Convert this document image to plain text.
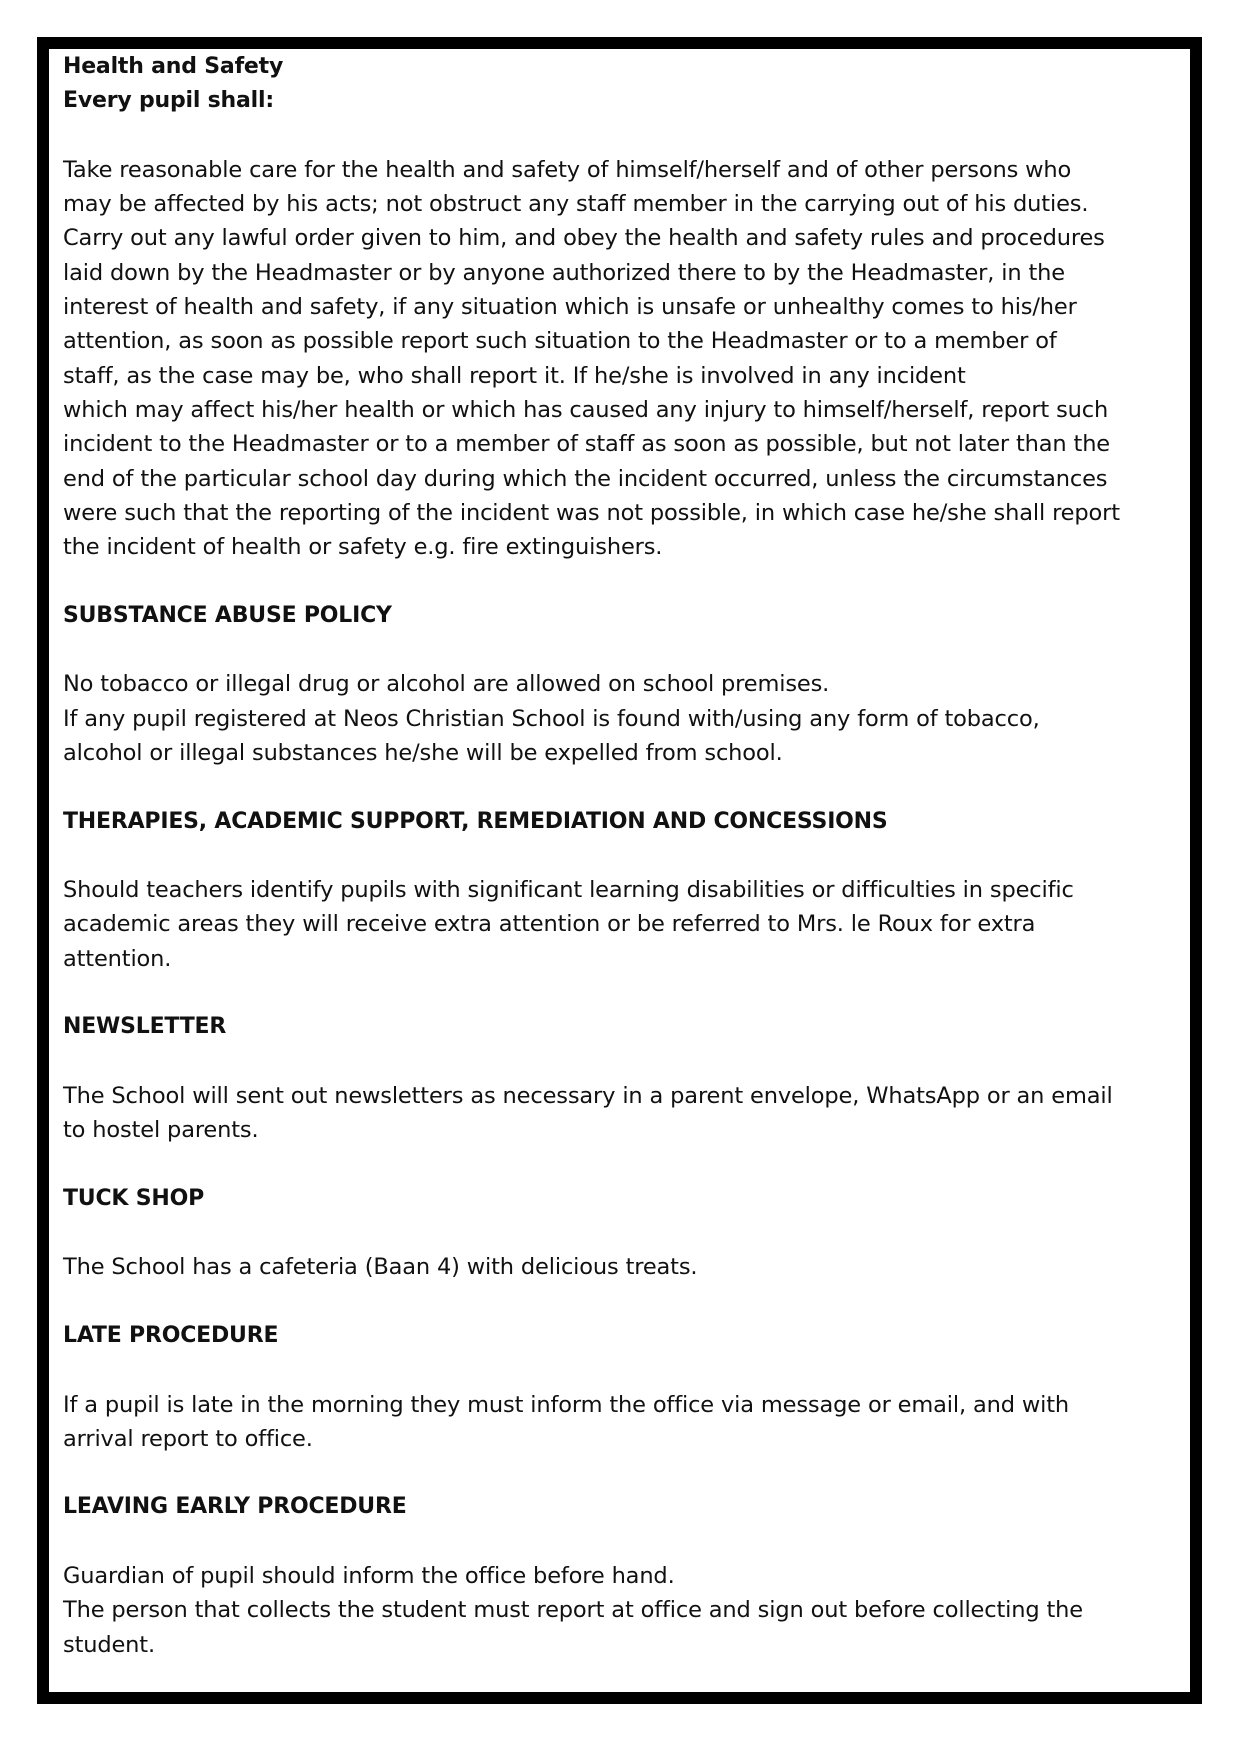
Health and Safety
Every pupil shall:
Take reasonable care for the health and safety of himself/herself and of other persons who
may be affected by his acts; not obstruct any staff member in the carrying out of his duties.
Carry out any lawful order given to him, and obey the health and safety rules and procedures
laid down by the Headmaster or by anyone authorized there to by the Headmaster, in the
interest of health and safety, if any situation which is unsafe or unhealthy comes to his/her
attention, as soon as possible report such situation to the Headmaster or to a member of
staff, as the case may be, who shall report it. If he/she is involved in any incident
which may affect his/her health or which has caused any injury to himself/herself, report such
incident to the Headmaster or to a member of staff as soon as possible, but not later than the
end of the particular school day during which the incident occurred, unless the circumstances
were such that the reporting of the incident was not possible, in which case he/she shall report
the incident of health or safety e.g. fire extinguishers.
SUBSTANCE ABUSE POLICY
No tobacco or illegal drug or alcohol are allowed on school premises.
If any pupil registered at Neos Christian School is found with/using any form of tobacco,
alcohol or illegal substances he/she will be expelled from school.
THERAPIES, ACADEMIC SUPPORT, REMEDIATION AND CONCESSIONS
Should teachers identify pupils with significant learning disabilities or difficulties in specific
academic areas they will receive extra attention or be referred to Mrs. le Roux for extra
attention.
NEWSLETTER
The School will sent out newsletters as necessary in a parent envelope, WhatsApp or an email
to hostel parents.
TUCK SHOP
The School has a cafeteria (Baan 4) with delicious treats.
LATE PROCEDURE
If a pupil is late in the morning they must inform the office via message or email, and with
arrival report to office.
LEAVING EARLY PROCEDURE
Guardian of pupil should inform the office before hand.
The person that collects the student must report at office and sign out before collecting the
student.
